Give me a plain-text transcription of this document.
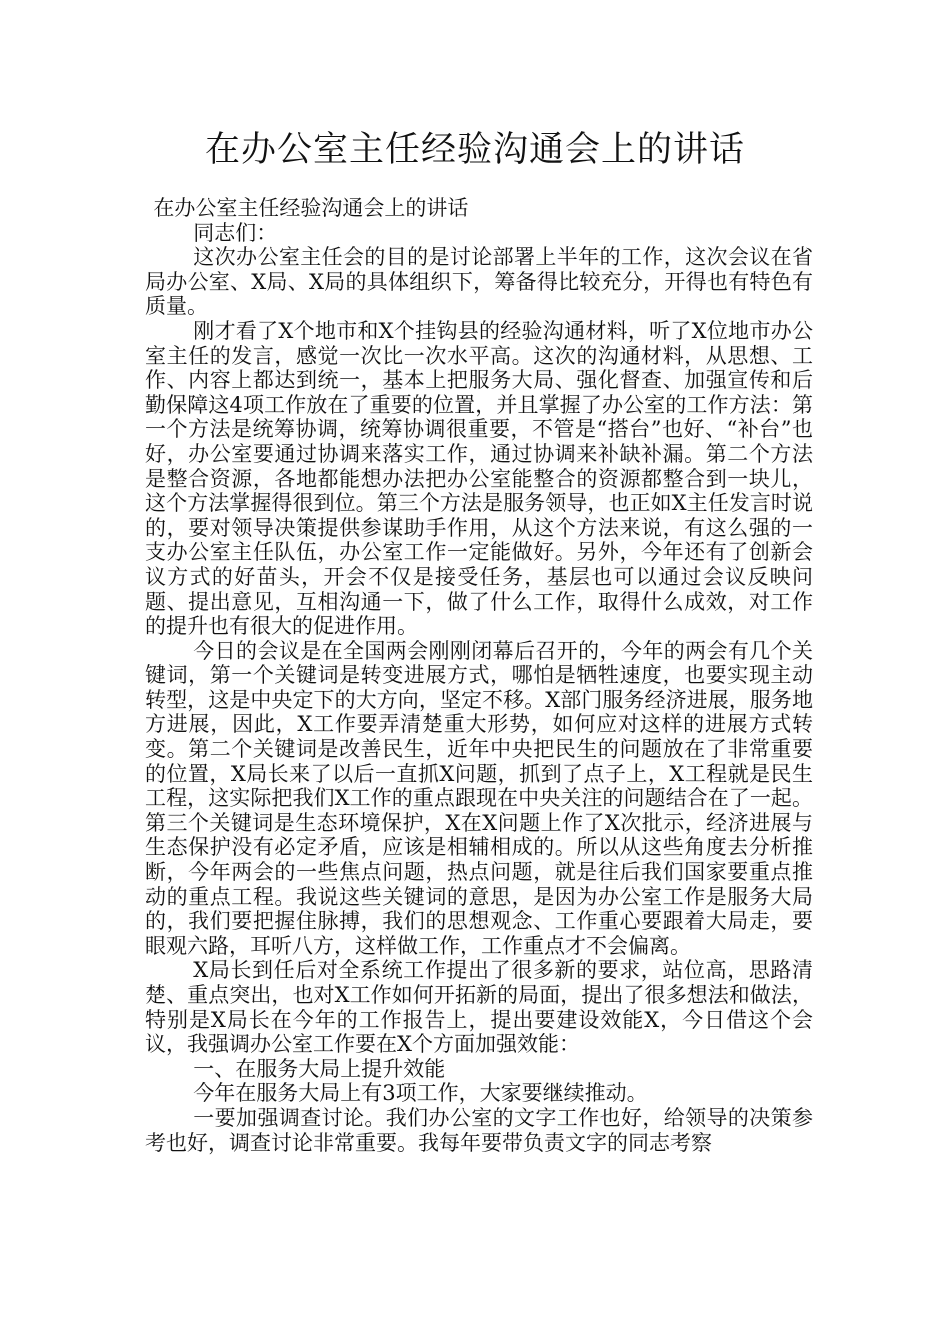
在办公室主任经验沟通会上的讲话

在办公室主任经验沟通会上的讲话

同志们：

这次办公室主任会的目的是讨论部署上半年的工作，这次会议在省局办公室、X局、X局的具体组织下，筹备得比较充分，开得也有特色有质量。

刚才看了X个地市和X个挂钩县的经验沟通材料，听了X位地市办公室主任的发言，感觉一次比一次水平高。这次的沟通材料，从思想、工作、内容上都达到统一，基本上把服务大局、强化督查、加强宣传和后勤保障这4项工作放在了重要的位置，并且掌握了办公室的工作方法：第一个方法是统筹协调，统筹协调很重要，不管是“搭台”也好、“补台”也好，办公室要通过协调来落实工作，通过协调来补缺补漏。第二个方法是整合资源，各地都能想办法把办公室能整合的资源都整合到一块儿，这个方法掌握得很到位。第三个方法是服务领导，也正如X主任发言时说的，要对领导决策提供参谋助手作用，从这个方法来说，有这么强的一支办公室主任队伍，办公室工作一定能做好。另外，今年还有了创新会议方式的好苗头，开会不仅是接受任务，基层也可以通过会议反映问题、提出意见，互相沟通一下，做了什么工作，取得什么成效，对工作的提升也有很大的促进作用。

今日的会议是在全国两会刚刚闭幕后召开的，今年的两会有几个关键词，第一个关键词是转变进展方式，哪怕是牺牲速度，也要实现主动转型，这是中央定下的大方向，坚定不移。X部门服务经济进展，服务地方进展，因此，X工作要弄清楚重大形势，如何应对这样的进展方式转变。第二个关键词是改善民生，近年中央把民生的问题放在了非常重要的位置，X局长来了以后一直抓X问题，抓到了点子上，X工程就是民生工程，这实际把我们X工作的重点跟现在中央关注的问题结合在了一起。第三个关键词是生态环境保护，X在X问题上作了X次批示，经济进展与生态保护没有必定矛盾，应该是相辅相成的。所以从这些角度去分析推断，今年两会的一些焦点问题，热点问题，就是往后我们国家要重点推动的重点工程。我说这些关键词的意思，是因为办公室工作是服务大局的，我们要把握住脉搏，我们的思想观念、工作重心要跟着大局走，要眼观六路，耳听八方，这样做工作，工作重点才不会偏离。

X局长到任后对全系统工作提出了很多新的要求，站位高，思路清楚、重点突出，也对X工作如何开拓新的局面，提出了很多想法和做法，特别是X局长在今年的工作报告上，提出要建设效能X，今日借这个会议，我强调办公室工作要在X个方面加强效能：

一、在服务大局上提升效能

今年在服务大局上有3项工作，大家要继续推动。

一要加强调查讨论。我们办公室的文字工作也好，给领导的决策参考也好，调查讨论非常重要。我每年要带负责文字的同志考察
